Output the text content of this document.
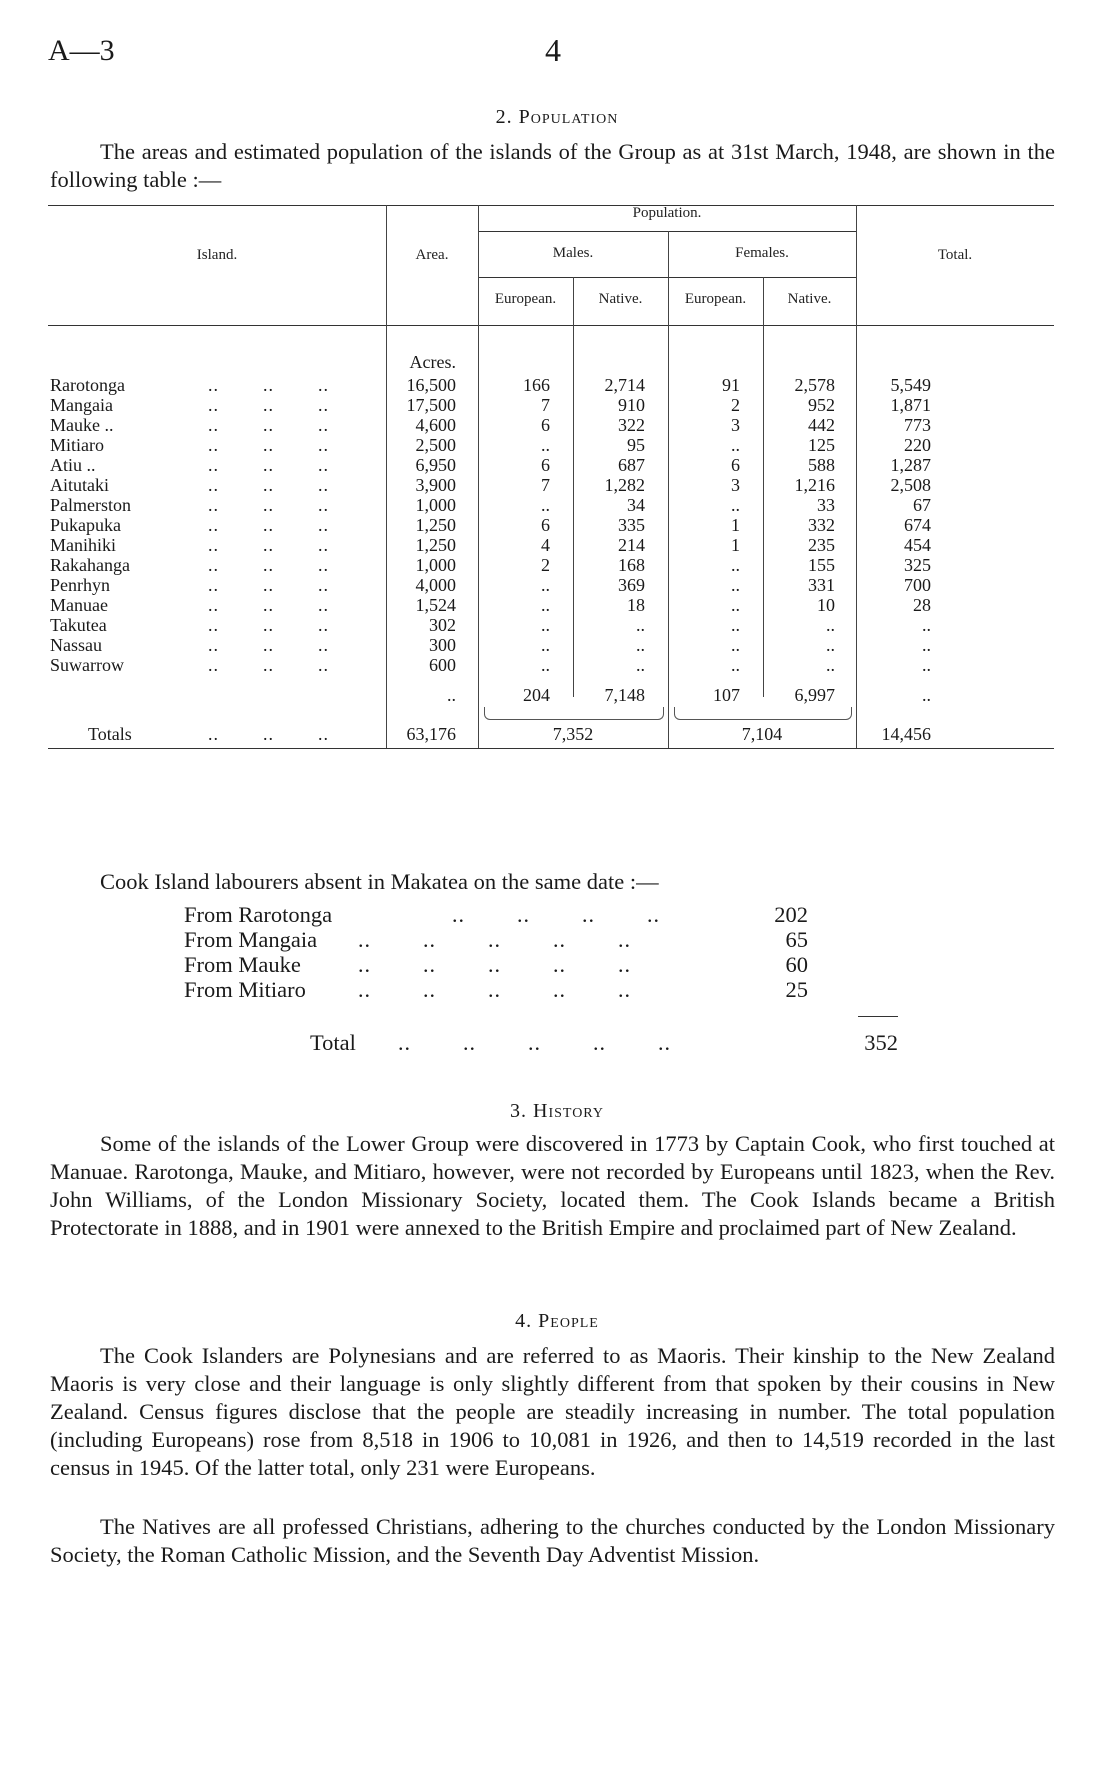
A—3	4
2. Population
The areas and estimated population of the islands of the Group as at 31st March, 1948, are shown in the following table :—
Island.	Area.
Population.
Males.	Females.
European.	Native.	European.	Native.
Total.
Acres.
Rarotonga	..        ..        ..	16,500	166	2,714	91	2,578	5,549
Mangaia	..        ..        ..	17,500	7	910	2	952	1,871
Mauke ..	..        ..        ..	4,600	6	322	3	442	773
Mitiaro	..        ..        ..	2,500	..	95	..	125	220
Atiu ..	..        ..        ..	6,950	6	687	6	588	1,287
Aitutaki	..        ..        ..	3,900	7	1,282	3	1,216	2,508
Palmerston	..        ..        ..	1,000	..	34	..	33	67
Pukapuka	..        ..        ..	1,250	6	335	1	332	674
Manihiki	..        ..        ..	1,250	4	214	1	235	454
Rakahanga	..        ..        ..	1,000	2	168	..	155	325
Penrhyn	..        ..        ..	4,000	..	369	..	331	700
Manuae	..        ..        ..	1,524	..	18	..	10	28
Takutea	..        ..        ..	302	..	..	..	..	..
Nassau	..        ..        ..	300	..	..	..	..	..
Suwarrow	..        ..        ..	600	..	..	..	..	..
..	204	7,148	107	6,997	..
Totals	..        ..        ..	63,176	7,352	7,104	14,456
Cook Island labourers absent in Makatea on the same date :—
From Rarotonga	..        ..        ..        ..	202
From Mangaia ..        ..        ..        ..        ..	65
From Mauke	..        ..        ..        ..        ..	60
From Mitiaro ..        ..        ..        ..        ..	25
Total ..        ..        ..        ..        ..	352
3. History
Some of the islands of the Lower Group were discovered in 1773 by Captain Cook, who first touched at Manuae. Rarotonga, Mauke, and Mitiaro, however, were not recorded by Europeans until 1823, when the Rev. John Williams, of the London Missionary Society, located them. The Cook Islands became a British Protectorate in 1888, and in 1901 were annexed to the British Empire and proclaimed part of New Zealand.
4. People
The Cook Islanders are Polynesians and are referred to as Maoris. Their kinship to the New Zealand Maoris is very close and their language is only slightly different from that spoken by their cousins in New Zealand. Census figures disclose that the people are steadily increasing in number. The total population (including Europeans) rose from 8,518 in 1906 to 10,081 in 1926, and then to 14,519 recorded in the last census in 1945. Of the latter total, only 231 were Europeans.
The Natives are all professed Christians, adhering to the churches conducted by the London Missionary Society, the Roman Catholic Mission, and the Seventh Day Adventist Mission.
